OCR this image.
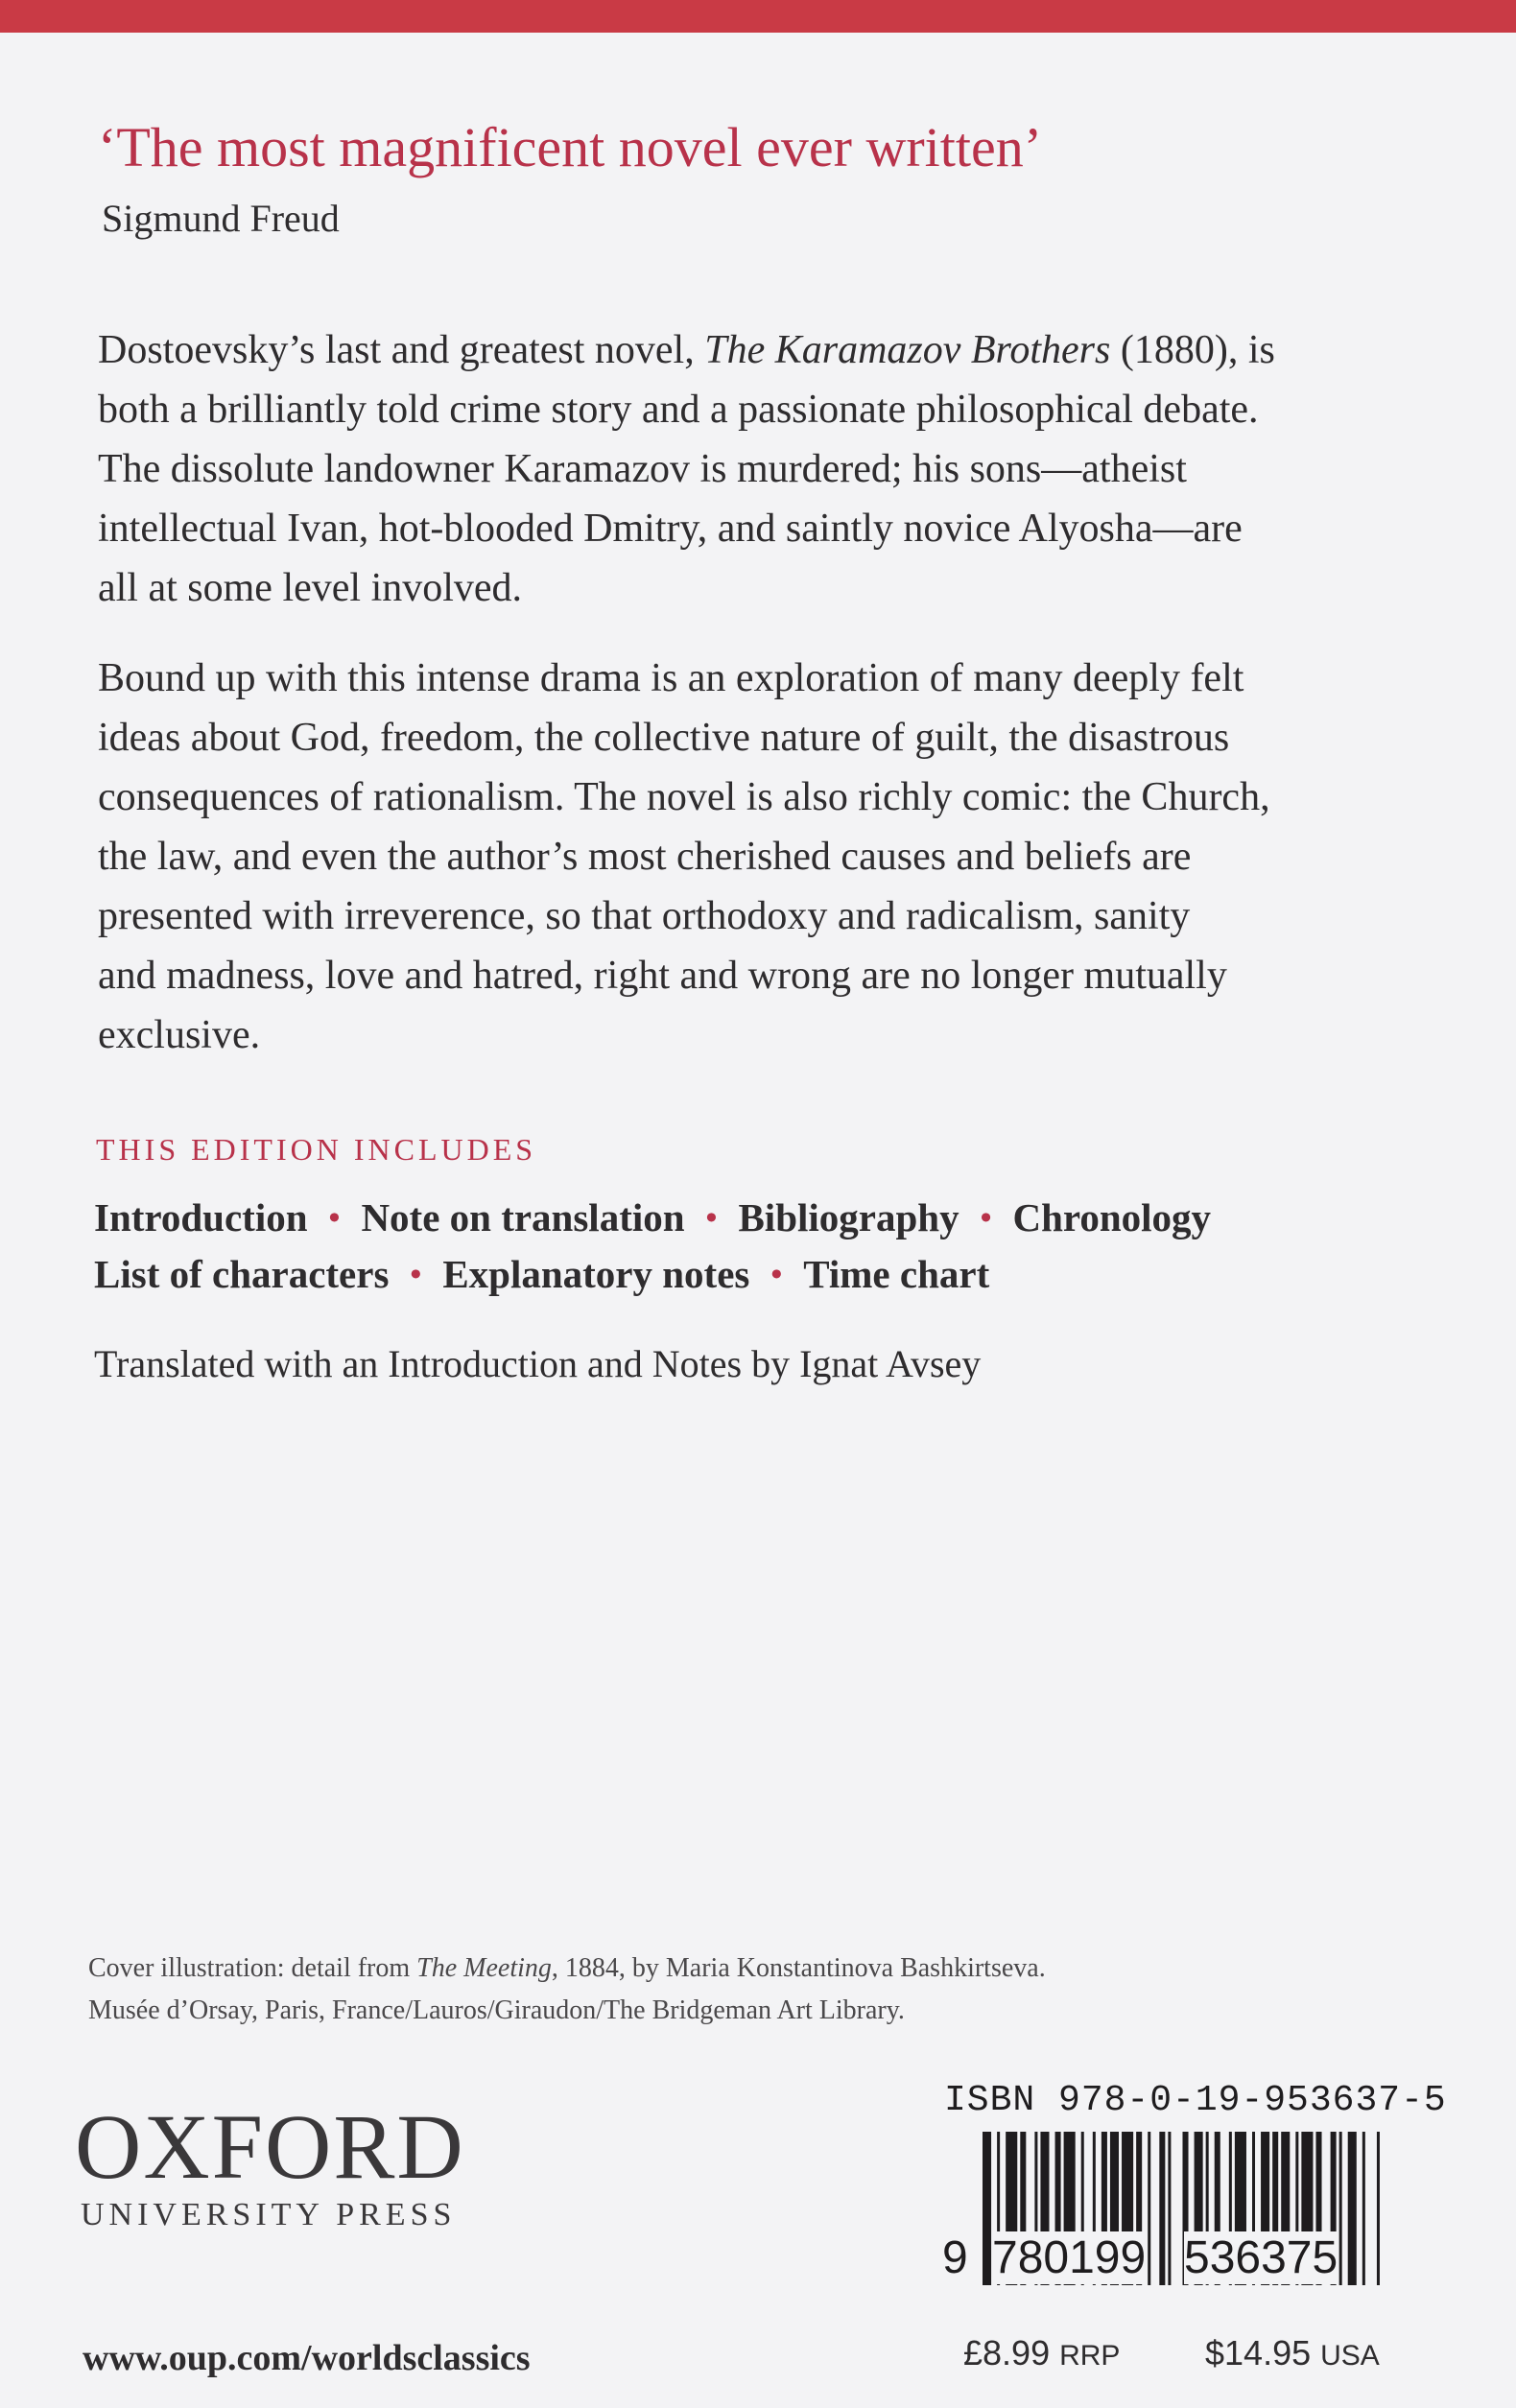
‘The most magnificent novel ever written’
Sigmund Freud
Dostoevsky’s last and greatest novel, The Karamazov Brothers (1880), is
both a brilliantly told crime story and a passionate philosophical debate.
The dissolute landowner Karamazov is murdered; his sons—atheist
intellectual Ivan, hot-blooded Dmitry, and saintly novice Alyosha—are
all at some level involved.
Bound up with this intense drama is an exploration of many deeply felt
ideas about God, freedom, the collective nature of guilt, the disastrous
consequences of rationalism. The novel is also richly comic: the Church,
the law, and even the author’s most cherished causes and beliefs are
presented with irreverence, so that orthodoxy and radicalism, sanity
and madness, love and hatred, right and wrong are no longer mutually
exclusive.
THIS EDITION INCLUDES
Introduction • Note on translation • Bibliography • Chronology
List of characters • Explanatory notes • Time chart
Translated with an Introduction and Notes by Ignat Avsey
Cover illustration: detail from The Meeting, 1884, by Maria Konstantinova Bashkirtseva.
Musée d’Orsay, Paris, France/Lauros/Giraudon/The Bridgeman Art Library.
OXFORD
UNIVERSITY PRESS
www.oup.com/worldsclassics
ISBN 978-0-19-953637-5
9 780199 536375
£8.99 RRP $14.95 USA
